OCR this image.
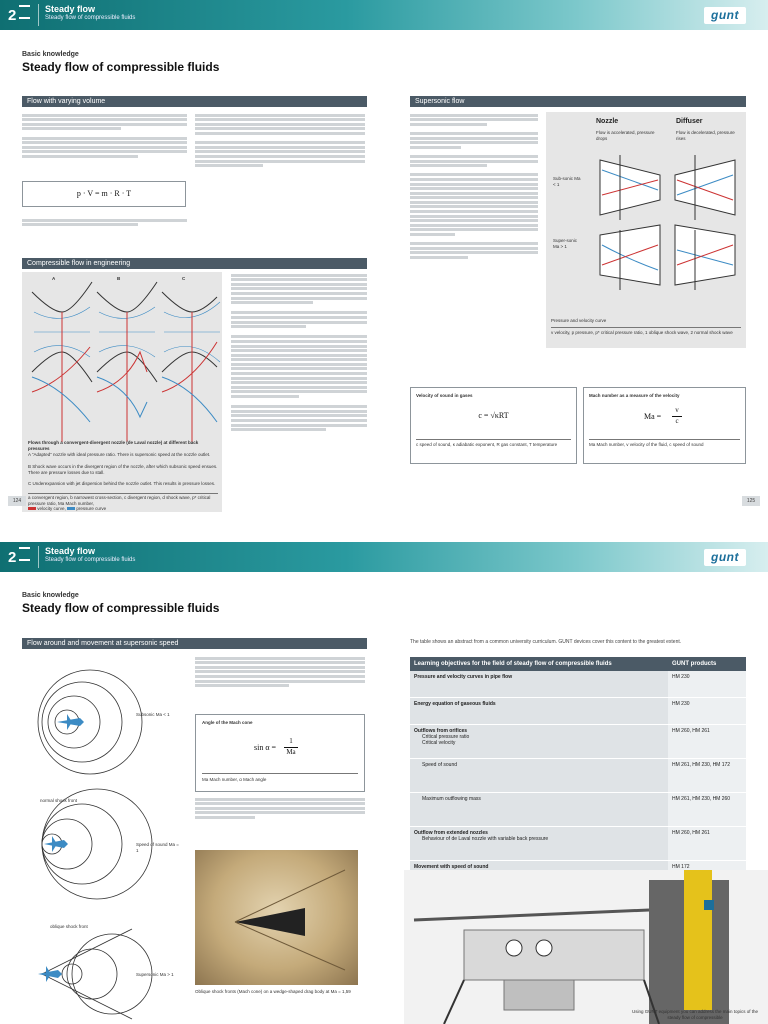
2	Steady flow
Steady flow of compressible fluids	gunt
Basic knowledge
Steady flow of compressible fluids
Flow with varying volume
p · V = m · R · T
Compressible flow in engineering
A	B	C
Flows through a convergent-divergent nozzle (de Laval nozzle) at different back pressures
A “Adapted” nozzle with ideal pressure ratio. There is supersonic speed at the nozzle outlet.
B Shock wave occurs in the divergent region of the nozzle, after which subsonic speed ensues. There are pressure losses due to stall.
C Underexpansion with jet dispersion behind the nozzle outlet. This results in pressure losses.
a convergent region, b narrowest cross-section, c divergent region, d shock wave, p* critical pressure ratio, Ma Mach number,
velocity curve, pressure curve
Supersonic flow
Nozzle
Flow is accelerated, pressure drops
Diffuser
Flow is decelerated, pressure rises
Sub-sonic Ma < 1
Super-sonic Ma > 1
Pressure and velocity curve
v velocity, p pressure, p* critical pressure ratio, 1 oblique shock wave, 2 normal shock wave
Velocity of sound in gases
c = √κRT
c speed of sound, κ adiabatic exponent, R gas constant, T temperature
Mach number as a measure of the velocity
Ma =
v
c
Ma Mach number, v velocity of the fluid, c speed of sound
124	125
2	Steady flow
Steady flow of compressible fluids	gunt
Basic knowledge
Steady flow of compressible fluids
Flow around and movement at supersonic speed
Subsonic Ma < 1
normal shock front
Speed of sound Ma = 1
oblique shock front
Supersonic Ma > 1
Angle of the Mach cone
sin α =
1
Ma
Ma Mach number, α Mach angle
Oblique shock fronts (Mach cone) on a wedge-shaped drag body at Ma = 1,59
The table shows an abstract from a common university curriculum. GUNT devices cover this content to the greatest extent.
Learning objectives for the field of steady flow of compressible fluids	GUNT products

Pressure and velocity curves in pipe flow	HM 230

Energy equation of gaseous fluids	HM 230

Outflows from orifices
Critical pressure ratio
Critical velocity	HM 260, HM 261

Speed of sound	HM 261, HM 230, HM 172

Maximum outflowing mass	HM 261, HM 230, HM 260

Outflow from extended nozzles
Behaviour of de Laval nozzle with variable back pressure	HM 260, HM 261

Movement with speed of sound	HM 172

Using GUNT equipment you can address the main topics of the steady flow of compressible
